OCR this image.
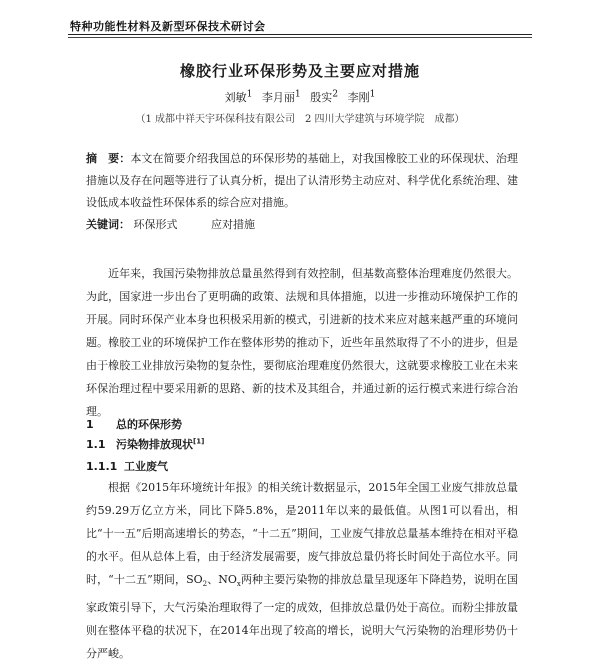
特种功能性材料及新型环保技术研讨会
橡胶行业环保形势及主要应对措施
刘敏$^1$ 李月丽$^1$ 殷实$^2$ 李刚$^1$
（1 成都中祥天宇环保科技有限公司　2 四川大学建筑与环境学院　成都）
摘　要：本文在简要介绍我国总的环保形势的基础上，对我国橡胶工业的环保现状、治理措施以及存在问题等进行了认真分析，提出了认清形势主动应对、科学优化系统治理、建设低成本收益性环保体系的综合应对措施。
关键词： 环保形式	应对措施
近年来，我国污染物排放总量虽然得到有效控制，但基数高整体治理难度仍然很大。为此，国家进一步出台了更明确的政策、法规和具体措施，以进一步推动环境保护工作的开展。同时环保产业本身也积极采用新的模式，引进新的技术来应对越来越严重的环境问题。橡胶工业的环境保护工作在整体形势的推动下，近些年虽然取得了不小的进步，但是由于橡胶工业排放污染物的复杂性，要彻底治理难度仍然很大，这就要求橡胶工业在未来环保治理过程中要采用新的思路、新的技术及其组合，并通过新的运行模式来进行综合治理。
1 总的环保形势
1.1 污染物排放现状[1]
1.1.1 工业废气
根据《2015年环境统计年报》的相关统计数据显示，2015年全国工业废气排放总量约59.29万亿立方米，同比下降5.8%，是2011年以来的最低值。从图1可以看出，相比“十一五”后期高速增长的势态，“十二五”期间，工业废气排放总量基本维持在相对平稳的水平。但从总体上看，由于经济发展需要，废气排放总量仍将长时间处于高位水平。同时，“十二五”期间，$SO_2$、$NO_x$两种主要污染物的排放总量呈现逐年下降趋势，说明在国家政策引导下，大气污染治理取得了一定的成效，但排放总量仍处于高位。而粉尘排放量则在整体平稳的状况下，在2014年出现了较高的增长，说明大气污染物的治理形势仍十分严峻。
